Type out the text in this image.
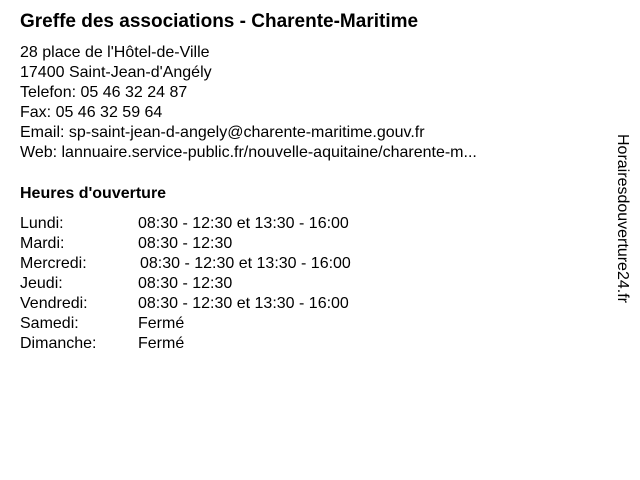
Greffe des associations - Charente-Maritime
28 place de l'Hôtel-de-Ville
17400 Saint-Jean-d'Angély
Telefon: 05 46 32 24 87
Fax: 05 46 32 59 64
Email: sp-saint-jean-d-angely@charente-maritime.gouv.fr
Web: lannuaire.service-public.fr/nouvelle-aquitaine/charente-m...
Heures d'ouverture
Lundi:	08:30 - 12:30 et 13:30 - 16:00
Mardi:	08:30 - 12:30
Mercredi:	08:30 - 12:30 et 13:30 - 16:00
Jeudi:	08:30 - 12:30
Vendredi:	08:30 - 12:30 et 13:30 - 16:00
Samedi:	Fermé
Dimanche:	Fermé
Horairesdouverture24.fr
